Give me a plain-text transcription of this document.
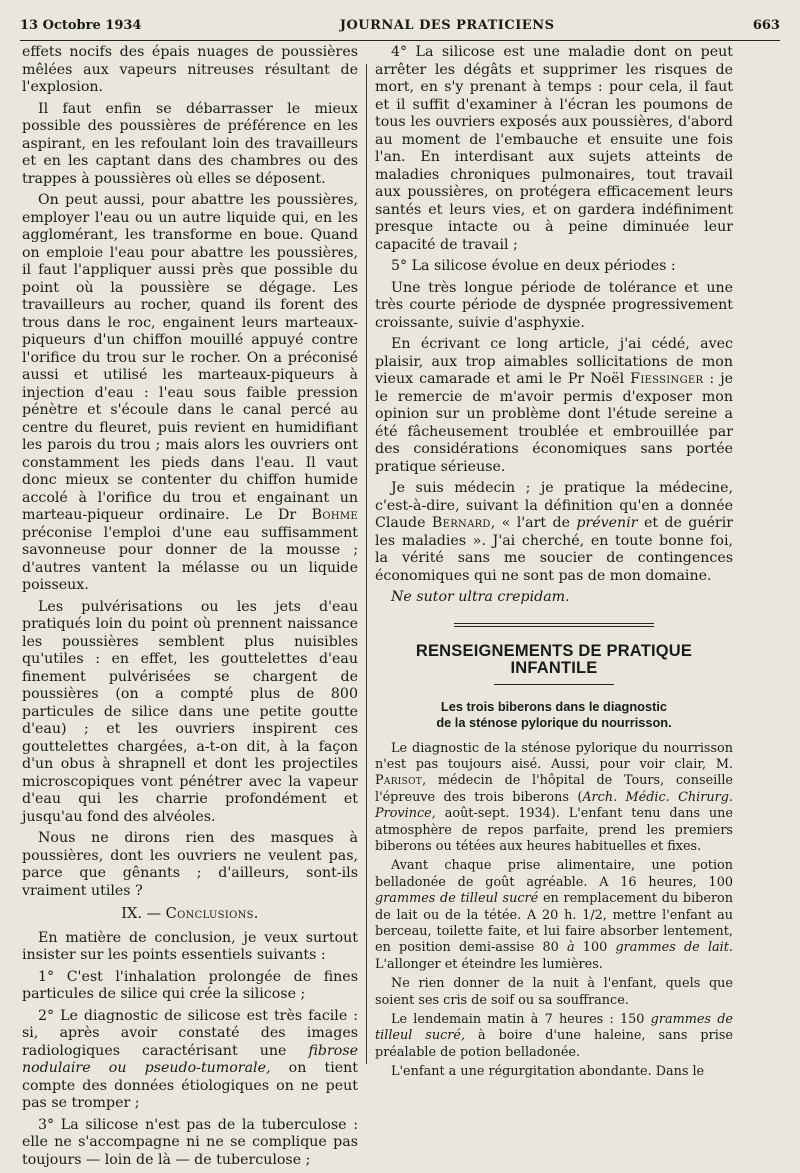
13 Octobre 1934	JOURNAL DES PRATICIENS	663

effets nocifs des épais nuages de poussières mêlées aux vapeurs nitreuses résultant de l'explosion.

Il faut enfin se débarrasser le mieux possible des poussières de préférence en les aspirant, en les refoulant loin des travailleurs et en les captant dans des chambres ou des trappes à poussières où elles se déposent.

On peut aussi, pour abattre les poussières, employer l'eau ou un autre liquide qui, en les agglomérant, les transforme en boue. Quand on emploie l'eau pour abattre les poussières, il faut l'appliquer aussi près que possible du point où la poussière se dégage. Les travailleurs au rocher, quand ils forent des trous dans le roc, engainent leurs marteaux-piqueurs d'un chiffon mouillé appuyé contre l'orifice du trou sur le rocher. On a préconisé aussi et utilisé les marteaux-piqueurs à injection d'eau : l'eau sous faible pression pénètre et s'écoule dans le canal percé au centre du fleuret, puis revient en humidifiant les parois du trou ; mais alors les ouvriers ont constamment les pieds dans l'eau. Il vaut donc mieux se contenter du chiffon humide accolé à l'orifice du trou et engainant un marteau-piqueur ordinaire. Le Dr Bohme préconise l'emploi d'une eau suffisamment savonneuse pour donner de la mousse ; d'autres vantent la mélasse ou un liquide poisseux.

Les pulvérisations ou les jets d'eau pratiqués loin du point où prennent naissance les poussières semblent plus nuisibles qu'utiles : en effet, les gouttelettes d'eau finement pulvérisées se chargent de poussières (on a compté plus de 800 particules de silice dans une petite goutte d'eau) ; et les ouvriers inspirent ces gouttelettes chargées, a-t-on dit, à la façon d'un obus à shrapnell et dont les projectiles microscopiques vont pénétrer avec la vapeur d'eau qui les charrie profondément et jusqu'au fond des alvéoles.

Nous ne dirons rien des masques à poussières, dont les ouvriers ne veulent pas, parce que gênants ; d'ailleurs, sont-ils vraiment utiles ?

IX. — Conclusions.

En matière de conclusion, je veux surtout insister sur les points essentiels suivants :

1° C'est l'inhalation prolongée de fines particules de silice qui crée la silicose ;

2° Le diagnostic de silicose est très facile : si, après avoir constaté des images radiologiques caractérisant une fibrose nodulaire ou pseudo-tumorale, on tient compte des données étiologiques on ne peut pas se tromper ;

3° La silicose n'est pas de la tuberculose : elle ne s'accompagne ni ne se complique pas toujours — loin de là — de tuberculose ;

4° La silicose est une maladie dont on peut arrêter les dégâts et supprimer les risques de mort, en s'y prenant à temps : pour cela, il faut et il suffit d'examiner à l'écran les poumons de tous les ouvriers exposés aux poussières, d'abord au moment de l'embauche et ensuite une fois l'an. En interdisant aux sujets atteints de maladies chroniques pulmonaires, tout travail aux poussières, on protégera efficacement leurs santés et leurs vies, et on gardera indéfiniment presque intacte ou à peine diminuée leur capacité de travail ;

5° La silicose évolue en deux périodes :

Une très longue période de tolérance et une très courte période de dyspnée progressivement croissante, suivie d'asphyxie.

En écrivant ce long article, j'ai cédé, avec plaisir, aux trop aimables sollicitations de mon vieux camarade et ami le Pr Noël Fiessinger : je le remercie de m'avoir permis d'exposer mon opinion sur un problème dont l'étude sereine a été fâcheusement troublée et embrouillée par des considérations économiques sans portée pratique sérieuse.

Je suis médecin ; je pratique la médecine, c'est-à-dire, suivant la définition qu'en a donnée Claude Bernard, « l'art de prévenir et de guérir les maladies ». J'ai cherché, en toute bonne foi, la vérité sans me soucier de contingences économiques qui ne sont pas de mon domaine.

Ne sutor ultra crepidam.

RENSEIGNEMENTS DE PRATIQUE INFANTILE

Les trois biberons dans le diagnostic
de la sténose pylorique du nourrisson.

Le diagnostic de la sténose pylorique du nourrisson n'est pas toujours aisé. Aussi, pour voir clair, M. Parisot, médecin de l'hôpital de Tours, conseille l'épreuve des trois biberons (Arch. Médic. Chirurg. Province, août-sept. 1934). L'enfant tenu dans une atmosphère de repos parfaite, prend les premiers biberons ou tétées aux heures habituelles et fixes.

Avant chaque prise alimentaire, une potion belladonée de goût agréable. A 16 heures, 100 grammes de tilleul sucré en remplacement du biberon de lait ou de la tétée. A 20 h. 1/2, mettre l'enfant au berceau, toilette faite, et lui faire absorber lentement, en position demi-assise 80 à 100 grammes de lait. L'allonger et éteindre les lumières.

Ne rien donner de la nuit à l'enfant, quels que soient ses cris de soif ou sa souffrance.

Le lendemain matin à 7 heures : 150 grammes de tilleul sucré, à boire d'une haleine, sans prise préalable de potion belladonée.

L'enfant a une régurgitation abondante. Dans le
